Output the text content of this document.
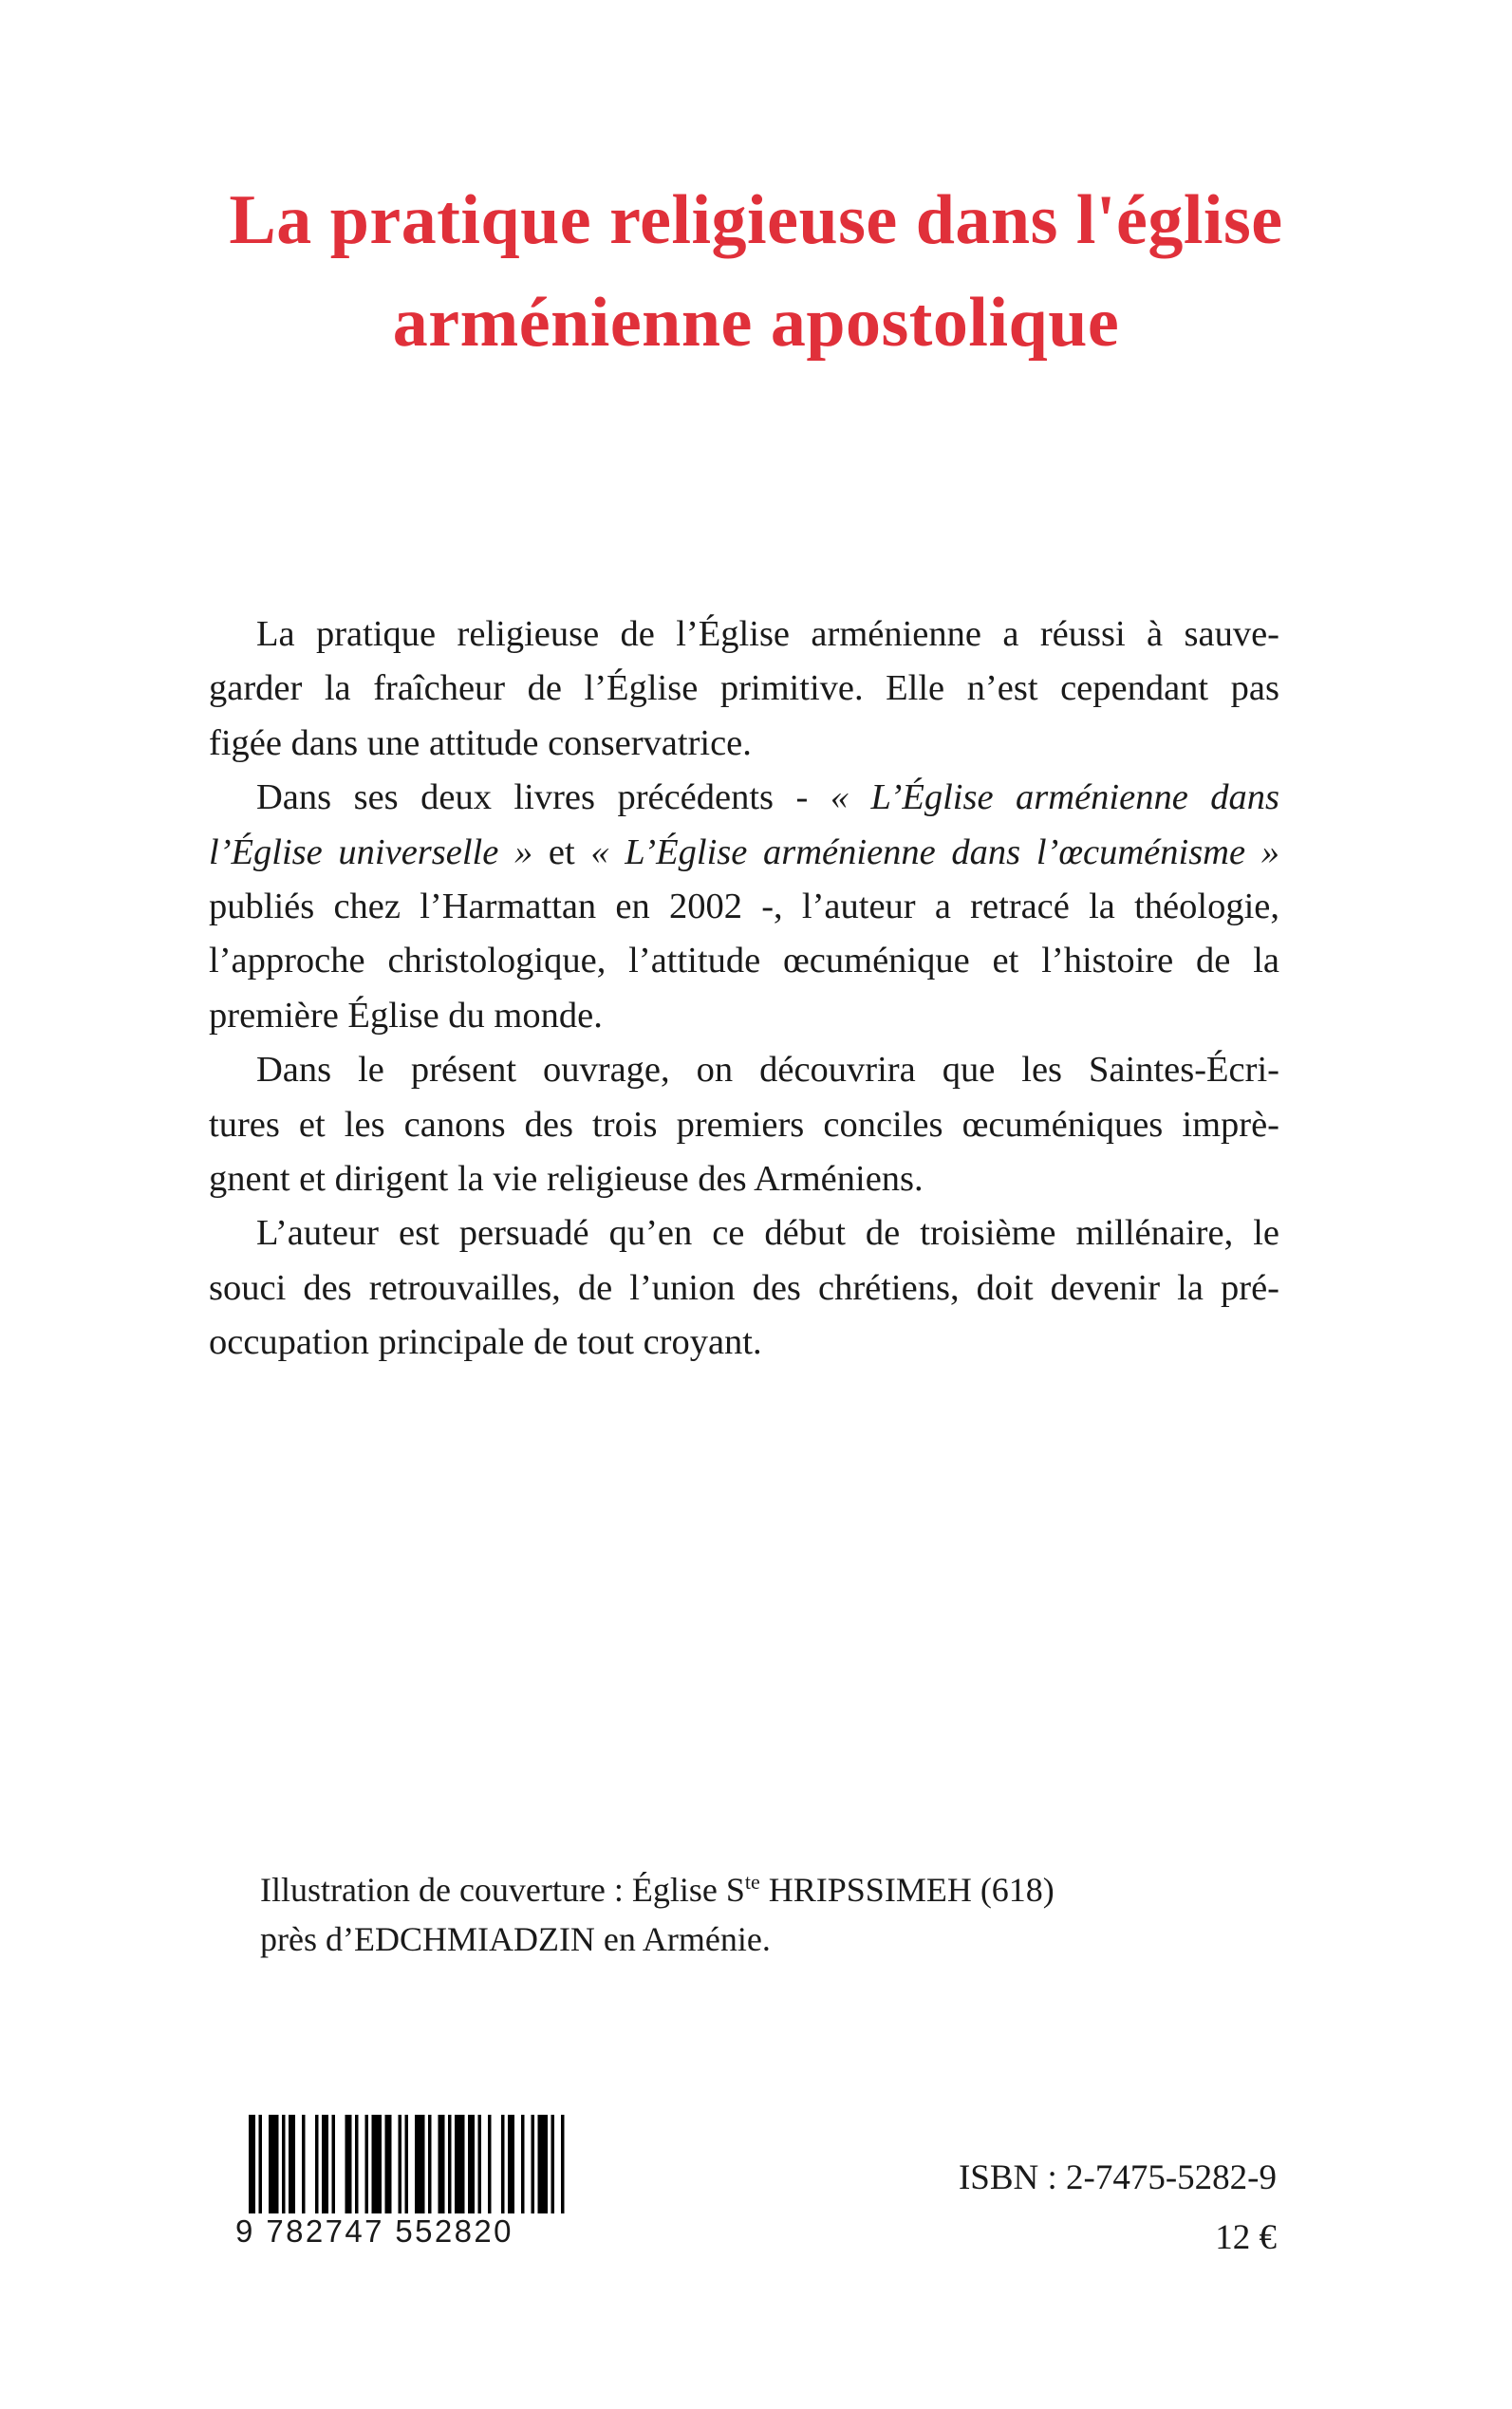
La pratique religieuse dans l'église
arménienne apostolique
La pratique religieuse de l’Église arménienne a réussi à sauve-
garder la fraîcheur de l’Église primitive. Elle n’est cependant pas
figée dans une attitude conservatrice.
Dans ses deux livres précédents - « L’Église arménienne dans
l’Église universelle » et « L’Église arménienne dans l’œcuménisme »
publiés chez l’Harmattan en 2002 -, l’auteur a retracé la théologie,
l’approche christologique, l’attitude œcuménique et l’histoire de la
première Église du monde.
Dans le présent ouvrage, on découvrira que les Saintes-Écri-
tures et les canons des trois premiers conciles œcuméniques imprè-
gnent et dirigent la vie religieuse des Arméniens.
L’auteur est persuadé qu’en ce début de troisième millénaire, le
souci des retrouvailles, de l’union des chrétiens, doit devenir la pré-
occupation principale de tout croyant.
Illustration de couverture : Église $S^{te}$ HRIPSSIMEH (618)
près d’EDCHMIADZIN en Arménie.
9 782747 552820
ISBN : 2-7475-5282-9
12 €
